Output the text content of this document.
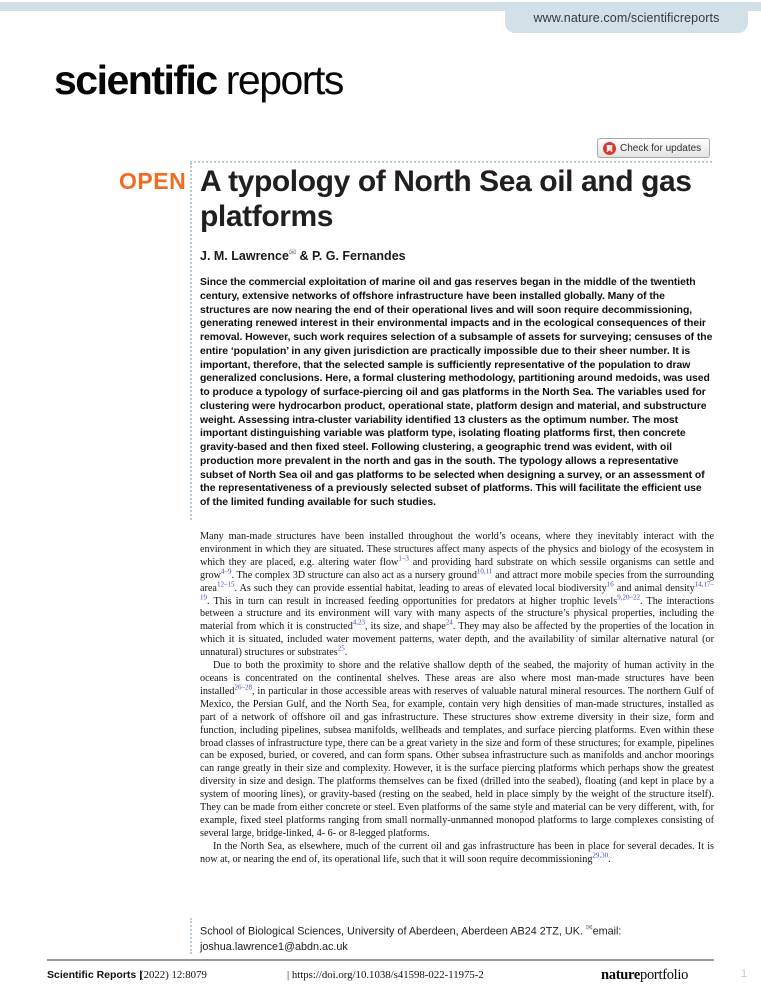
www.nature.com/scientificreports
scientific reports
Check for updates
OPEN A typology of North Sea oil and gas platforms
J. M. Lawrence✉ & P. G. Fernandes
Since the commercial exploitation of marine oil and gas reserves began in the middle of the twentieth century, extensive networks of offshore infrastructure have been installed globally. Many of the structures are now nearing the end of their operational lives and will soon require decommissioning, generating renewed interest in their environmental impacts and in the ecological consequences of their removal. However, such work requires selection of a subsample of assets for surveying; censuses of the entire ‘population’ in any given jurisdiction are practically impossible due to their sheer number. It is important, therefore, that the selected sample is sufficiently representative of the population to draw generalized conclusions. Here, a formal clustering methodology, partitioning around medoids, was used to produce a typology of surface-piercing oil and gas platforms in the North Sea. The variables used for clustering were hydrocarbon product, operational state, platform design and material, and substructure weight. Assessing intra-cluster variability identified 13 clusters as the optimum number. The most important distinguishing variable was platform type, isolating floating platforms first, then concrete gravity-based and then fixed steel. Following clustering, a geographic trend was evident, with oil production more prevalent in the north and gas in the south. The typology allows a representative subset of North Sea oil and gas platforms to be selected when designing a survey, or an assessment of the representativeness of a previously selected subset of platforms. This will facilitate the efficient use of the limited funding available for such studies.

Many man-made structures have been installed throughout the world’s oceans, where they inevitably interact with the environment in which they are situated. These structures affect many aspects of the physics and biology of the ecosystem in which they are placed, e.g. altering water flow$^{1-3}$ and providing hard substrate on which sessile organisms can settle and grow$^{4-9}$. The complex 3D structure can also act as a nursery ground$^{10,11}$ and attract more mobile species from the surrounding area$^{12-15}$. As such they can provide essential habitat, leading to areas of elevated local biodiversity$^{16}$ and animal density$^{14,17-19}$. This in turn can result in increased feeding opportunities for predators at higher trophic levels$^{9,20-22}$. The interactions between a structure and its environment will vary with many aspects of the structure’s physical properties, including the material from which it is constructed$^{4,23}$, its size, and shape$^{24}$. They may also be affected by the properties of the location in which it is situated, included water movement patterns, water depth, and the availability of similar alternative natural (or unnatural) structures or substrates$^{25}$.

Due to both the proximity to shore and the relative shallow depth of the seabed, the majority of human activity in the oceans is concentrated on the continental shelves. These areas are also where most man-made structures have been installed$^{26-28}$, in particular in those accessible areas with reserves of valuable natural mineral resources. The northern Gulf of Mexico, the Persian Gulf, and the North Sea, for example, contain very high densities of man-made structures, installed as part of a network of offshore oil and gas infrastructure. These structures show extreme diversity in their size, form and function, including pipelines, subsea manifolds, wellheads and templates, and surface piercing platforms. Even within these broad classes of infrastructure type, there can be a great variety in the size and form of these structures; for example, pipelines can be exposed, buried, or covered, and can form spans. Other subsea infrastructure such as manifolds and anchor moorings can range greatly in their size and complexity. However, it is the surface piercing platforms which perhaps show the greatest diversity in size and design. The platforms themselves can be fixed (drilled into the seabed), floating (and kept in place by a system of mooring lines), or gravity-based (resting on the seabed, held in place simply by the weight of the structure itself). They can be made from either concrete or steel. Even platforms of the same style and material can be very different, with, for example, fixed steel platforms ranging from small normally-unmanned monopod platforms to large complexes consisting of several large, bridge-linked, 4- 6- or 8-legged platforms.

In the North Sea, as elsewhere, much of the current oil and gas infrastructure has been in place for several decades. It is now at, or nearing the end of, its operational life, such that it will soon require decommissioning$^{29,30}$.

School of Biological Sciences, University of Aberdeen, Aberdeen AB24 2TZ, UK. ✉email: joshua.lawrence1@abdn.ac.uk
Scientific Reports |
(2022) 12:8079	| https://doi.org/10.1038/s41598-022-11975-2	natureportfolio	1
